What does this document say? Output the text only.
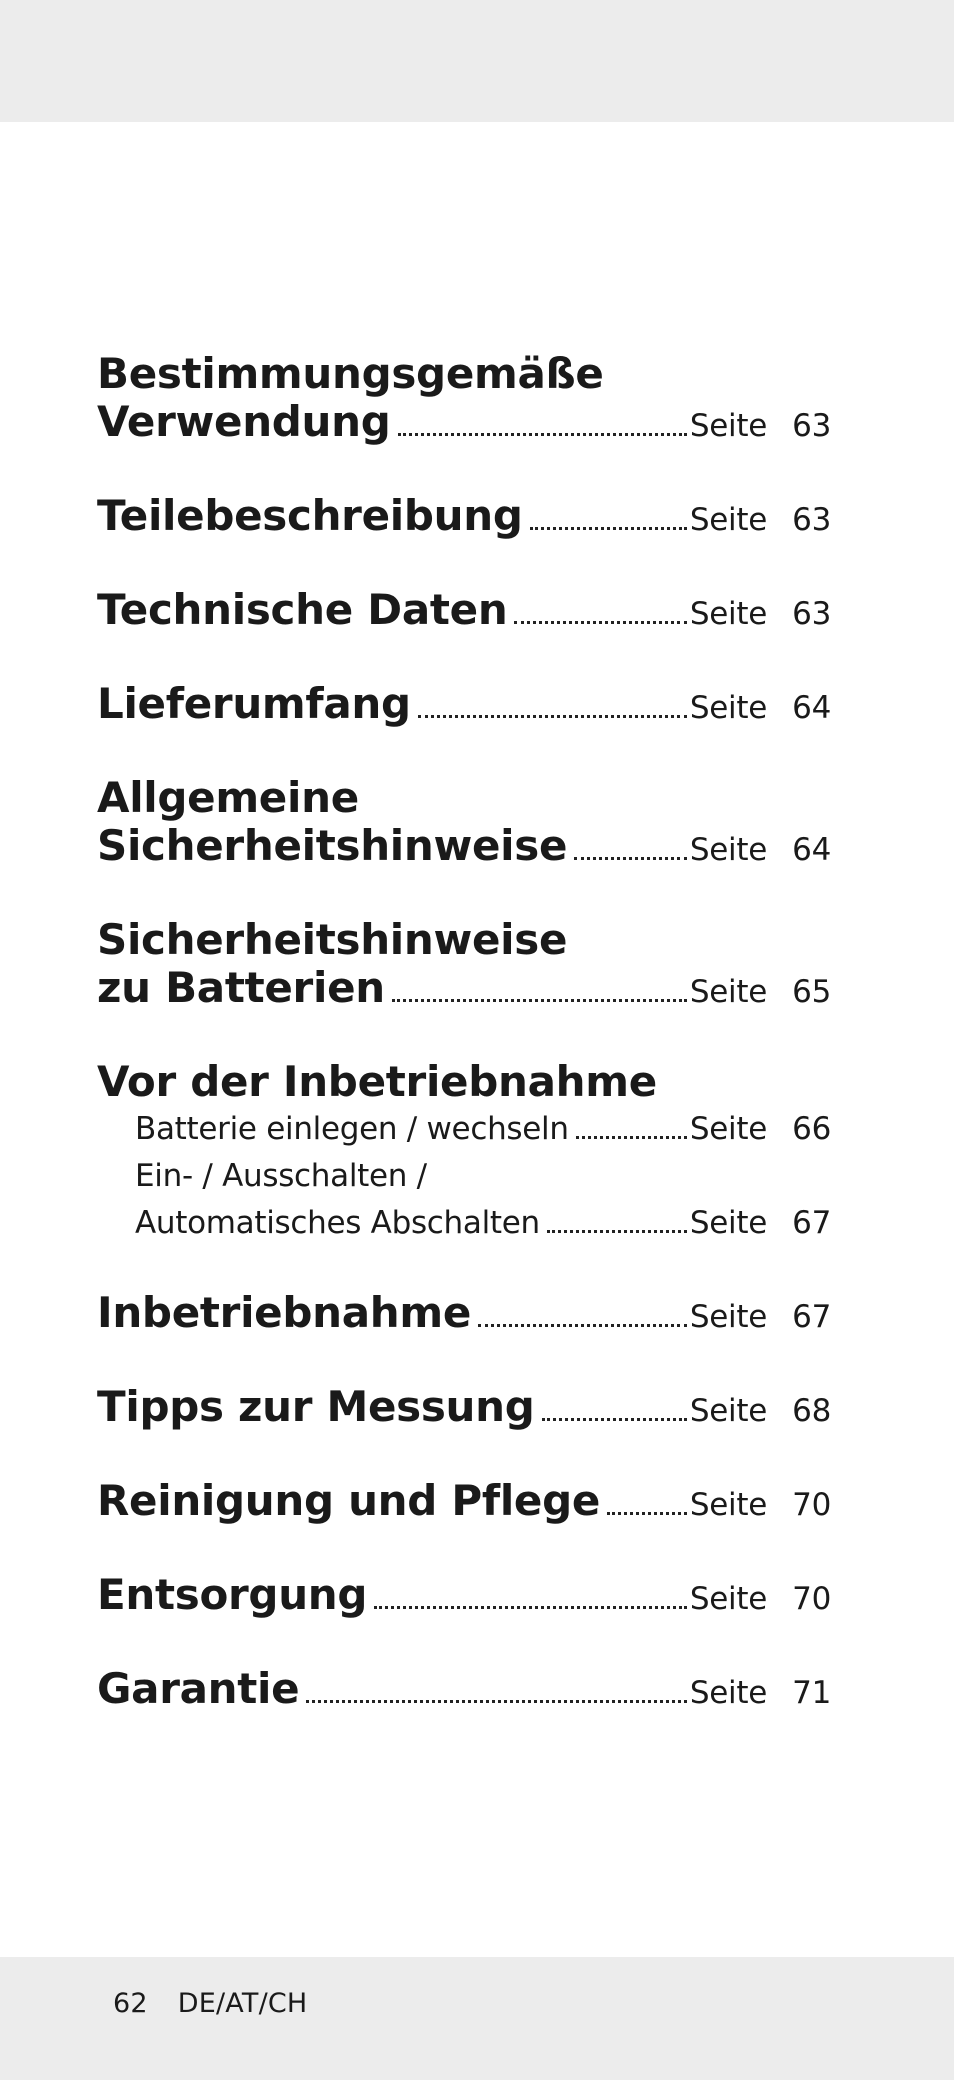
Bestimmungsgemäße
Verwendung	Seite 63
Teilebeschreibung	Seite 63
Technische Daten	Seite 63
Lieferumfang	Seite 64
Allgemeine
Sicherheitshinweise	Seite 64
Sicherheitshinweise
zu Batterien	Seite 65
Vor der Inbetriebnahme
Batterie einlegen / wechseln	Seite 66
Ein- / Ausschalten /
Automatisches Abschalten	Seite 67
Inbetriebnahme	Seite 67
Tipps zur Messung	Seite 68
Reinigung und Pflege	Seite 70
Entsorgung	Seite 70
Garantie	Seite 71
62 DE/AT/CH
